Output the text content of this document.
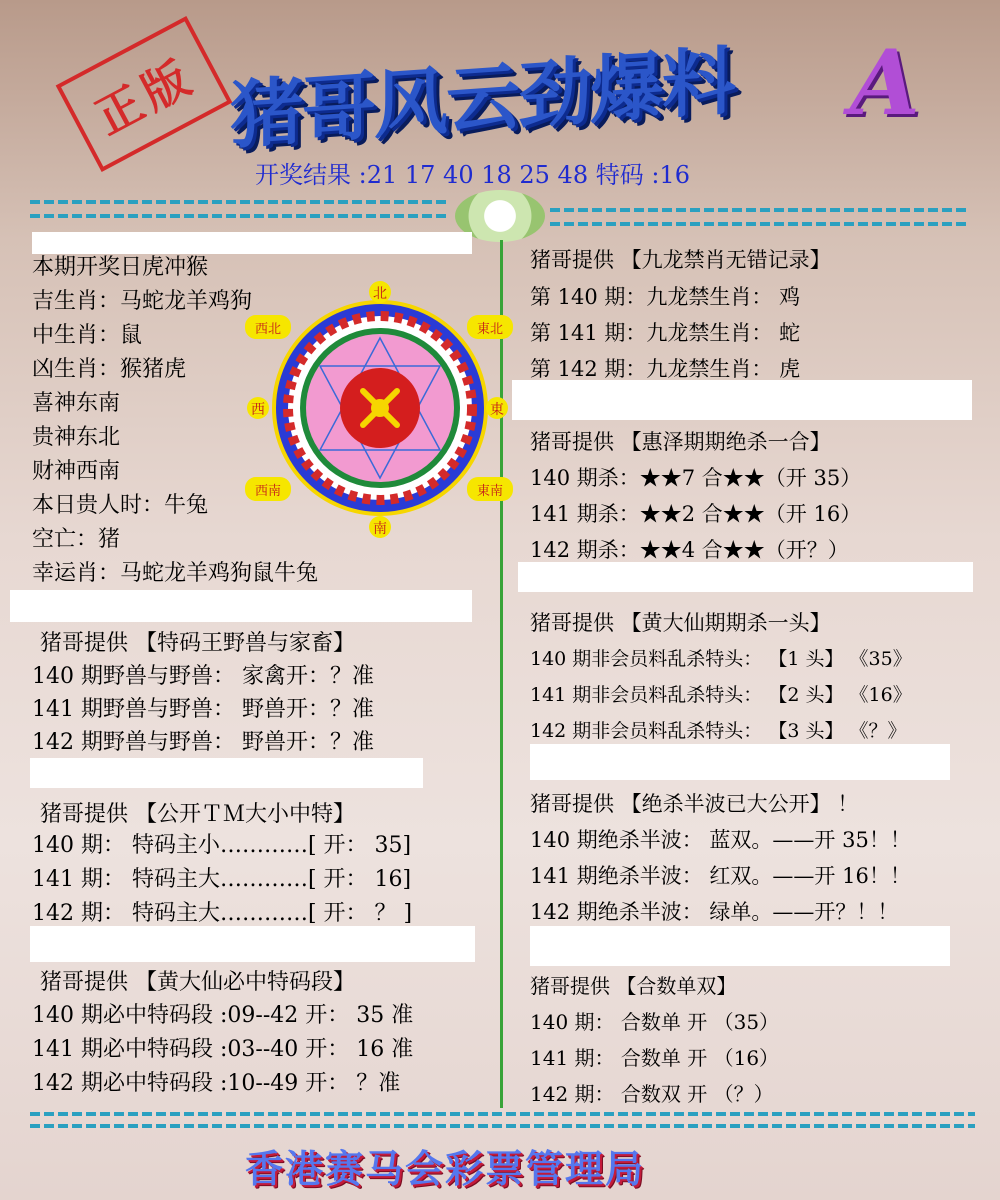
正版 猪哥风云劲爆料 A
开奖结果 :21 17 40 18 25 48 特码 :16
本期开奖日虎冲猴
吉生肖：马蛇龙羊鸡狗
中生肖：鼠
凶生肖：猴猪虎
喜神东南
贵神东北
财神西南
本日贵人时：牛兔
空亡：猪
幸运肖：马蛇龙羊鸡狗鼠牛兔
北
南
東
西
西北	東北
西南	東南
猪哥提供 【特码王野兽与家畜】
140 期野兽与野兽： 家禽开：？准
141 期野兽与野兽： 野兽开：？准
142 期野兽与野兽： 野兽开：？准
猪哥提供 【公开ＴＭ大小中特】
140 期： 特码主小…………[ 开： 35]
141 期： 特码主大…………[ 开： 16]
142 期： 特码主大…………[ 开： ？ ]
猪哥提供 【黄大仙必中特码段】
140 期必中特码段 :09--42 开： 35 准
141 期必中特码段 :03--40 开： 16 准
142 期必中特码段 :10--49 开： ？准
猪哥提供 【九龙禁肖无错记录】
第 140 期：九龙禁生肖： 鸡
第 141 期：九龙禁生肖： 蛇
第 142 期：九龙禁生肖： 虎
猪哥提供 【惠泽期期绝杀一合】
140 期杀：★★7 合★★（开 35）
141 期杀：★★2 合★★（开 16）
142 期杀：★★4 合★★（开？）
猪哥提供 【黄大仙期期杀一头】
140 期非会员料乱杀特头： 【1 头】 《35》
141 期非会员料乱杀特头： 【2 头】 《16》
142 期非会员料乱杀特头： 【3 头】 《？》
猪哥提供 【绝杀半波已大公开】 ！
140 期绝杀半波： 蓝双。——开 35！！
141 期绝杀半波： 红双。——开 16！！
142 期绝杀半波： 绿单。——开？！！
猪哥提供 【合数单双】
140 期： 合数单 开 （35）
141 期： 合数单 开 （16）
142 期： 合数双 开 （？）
香港赛马会彩票管理局
